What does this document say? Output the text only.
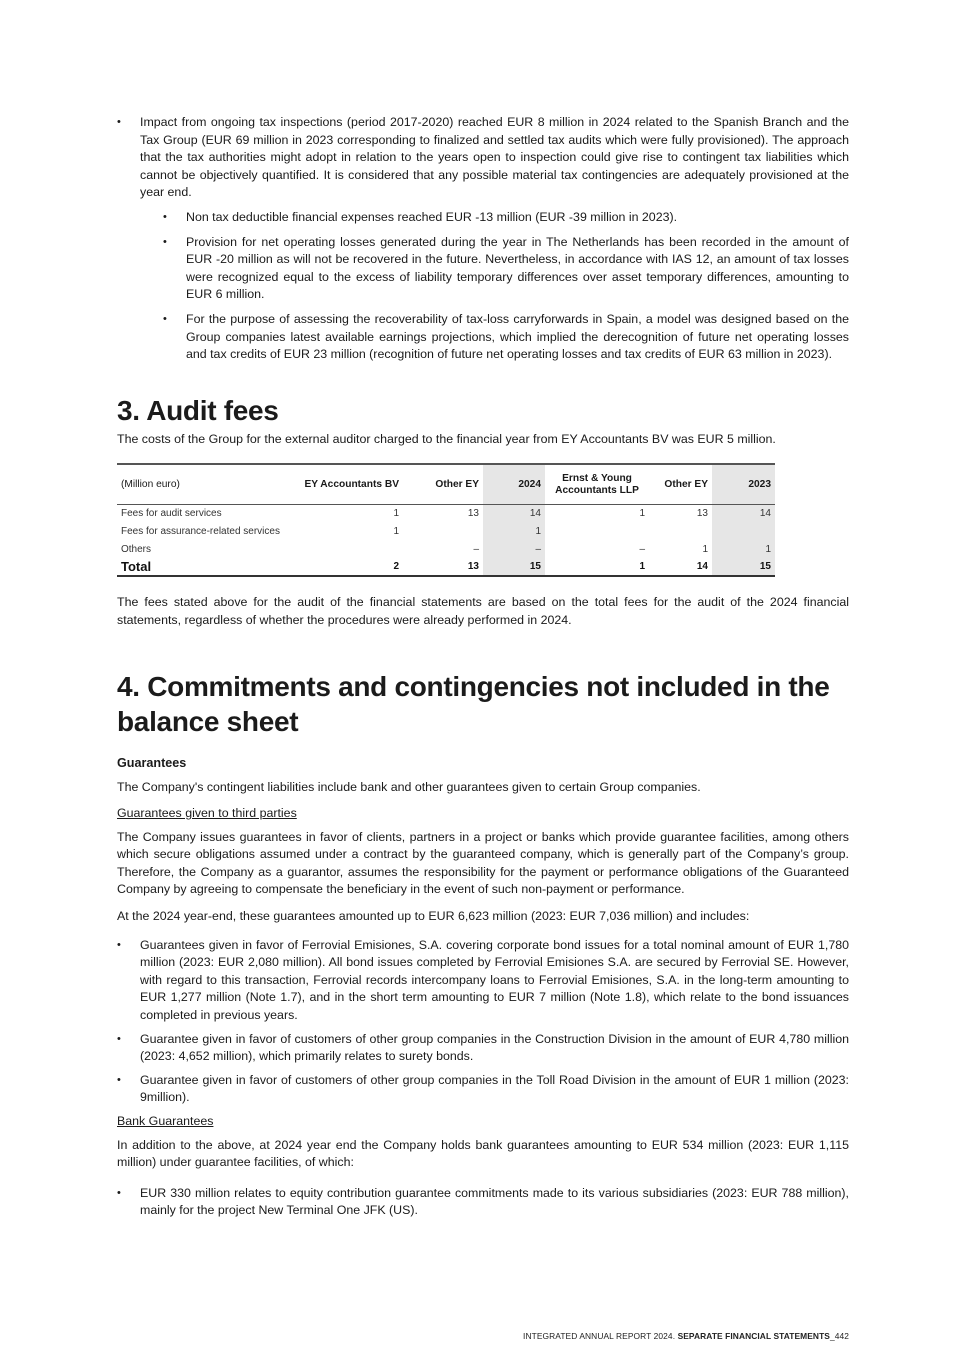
• Impact from ongoing tax inspections (period 2017-2020) reached EUR 8 million in 2024 related to the Spanish Branch and the Tax Group (EUR 69 million in 2023 corresponding to finalized and settled tax audits which were fully provisioned). The approach that the tax authorities might adopt in relation to the years open to inspection could give rise to contingent tax liabilities which cannot be objectively quantified. It is considered that any possible material tax contingencies are adequately provisioned at the year end.
• Non tax deductible financial expenses reached EUR -13 million (EUR -39 million in 2023).
• Provision for net operating losses generated during the year in The Netherlands has been recorded in the amount of EUR -20 million as will not be recovered in the future. Nevertheless, in accordance with IAS 12, an amount of tax losses were recognized equal to the excess of liability temporary differences over asset temporary differences, amounting to EUR 6 million.
• For the purpose of assessing the recoverability of tax-loss carryforwards in Spain, a model was designed based on the Group companies latest available earnings projections, which implied the derecognition of future net operating losses and tax credits of EUR 23 million (recognition of future net operating losses and tax credits of EUR 63 million in 2023).
3. Audit fees

The costs of the Group for the external auditor charged to the financial year from EY Accountants BV was EUR 5 million.

(Million euro)	EY Accountants BV	Other EY	2024	Ernst & Young Accountants LLP	Other EY	2023
Fees for audit services	1	13	14	1	13	14
Fees for assurance-related services	1		1			
Others		–	–	–	1	1
Total	2	13	15	1	14	15

The fees stated above for the audit of the financial statements are based on the total fees for the audit of the 2024 financial statements, regardless of whether the procedures were already performed in 2024.

4. Commitments and contingencies not included in the
balance sheet

Guarantees

The Company's contingent liabilities include bank and other guarantees given to certain Group companies.

Guarantees given to third parties

The Company issues guarantees in favor of clients, partners in a project or banks which provide guarantee facilities, among others which secure obligations assumed under a contract by the guaranteed company, which is generally part of the Company’s group. Therefore, the Company as a guarantor, assumes the responsibility for the payment or performance obligations of the Guaranteed Company by agreeing to compensate the beneficiary in the event of such non-payment or performance.

At the 2024 year-end, these guarantees amounted up to EUR 6,623 million (2023: EUR 7,036 million) and includes:

• Guarantees given in favor of Ferrovial Emisiones, S.A. covering corporate bond issues for a total nominal amount of EUR 1,780 million (2023: EUR 2,080 million). All bond issues completed by Ferrovial Emisiones S.A. are secured by Ferrovial SE. However, with regard to this transaction, Ferrovial records intercompany loans to Ferrovial Emisiones, S.A. in the long-term amounting to EUR 1,277 million (Note 1.7), and in the short term amounting to EUR 7 million (Note 1.8), which relate to the bond issuances completed in previous years.
• Guarantee given in favor of customers of other group companies in the Construction Division in the amount of EUR 4,780 million (2023: 4,652 million), which primarily relates to surety bonds.
• Guarantee given in favor of customers of other group companies in the Toll Road Division in the amount of EUR 1 million (2023: 9million).

Bank Guarantees

In addition to the above, at 2024 year end the Company holds bank guarantees amounting to EUR 534 million (2023: EUR 1,115 million) under guarantee facilities, of which:

• EUR 330 million relates to equity contribution guarantee commitments made to its various subsidiaries (2023: EUR 788 million), mainly for the project New Terminal One JFK (US).
INTEGRATED ANNUAL REPORT 2024. SEPARATE FINANCIAL STATEMENTS_442
